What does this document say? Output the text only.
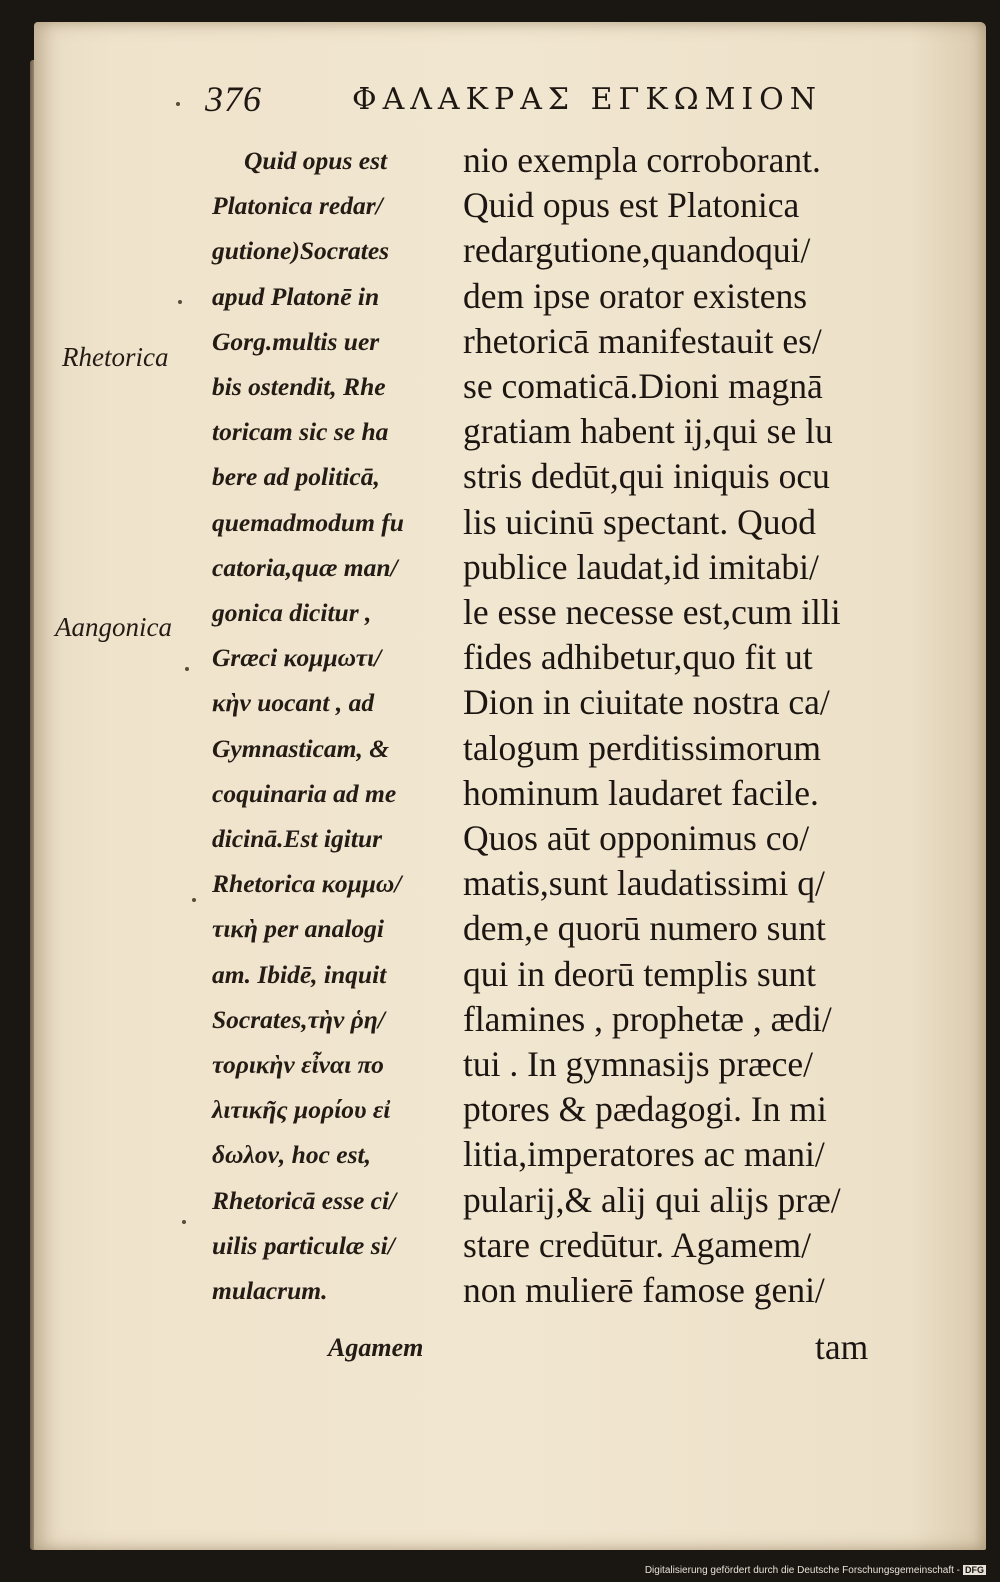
376	ΦΑΛΑΚΡΑΣ ΕΓΚΩΜΙΟΝ
Rhetorica
Aangonica
Quid opus est
Platonica redar/
gutione)Socrates
apud Platonē in
Gorg.multis uer
bis ostendit, Rhe
toricam sic se ha
bere ad politicā,
quemadmodum fu
catoria,quæ man/
gonica dicitur ,
Græci κομμωτι/
κὴν uocant , ad
Gymnasticam, &
coquinaria ad me
dicinā.Est igitur
Rhetorica κομμω/
τικὴ per analogi
am. Ibidē, inquit
Socrates,τὴν ῥη/
τορικὴν εἶναι πο
λιτικῆς μορίου εἰ
δωλον, hoc est,
Rhetoricā esse ci/
uilis particulæ si/
mulacrum.
Agamem
nio exempla corroborant.
Quid opus est Platonica
redargutione,quandoqui/
dem ipse orator existens
rhetoricā manifestauit es/
se comaticā.Dioni magnā
gratiam habent ij,qui se lu
stris dedūt,qui iniquis ocu
lis uicinū spectant. Quod
publice laudat,id imitabi/
le esse necesse est,cum illi
fides adhibetur,quo fit ut
Dion in ciuitate nostra ca/
talogum perditissimorum
hominum laudaret facile.
Quos aūt opponimus co/
matis,sunt laudatissimi q/
dem,e quorū numero sunt
qui in deorū templis sunt
flamines , prophetæ , ædi/
tui . In gymnasijs præce/
ptores & pædagogi. In mi
litia,imperatores ac mani/
pularij,& alij qui alijs præ/
stare credūtur. Agamem/
non mulierē famose geni/
tam
Digitalisierung gefördert durch die Deutsche Forschungsgemeinschaft - DFG
